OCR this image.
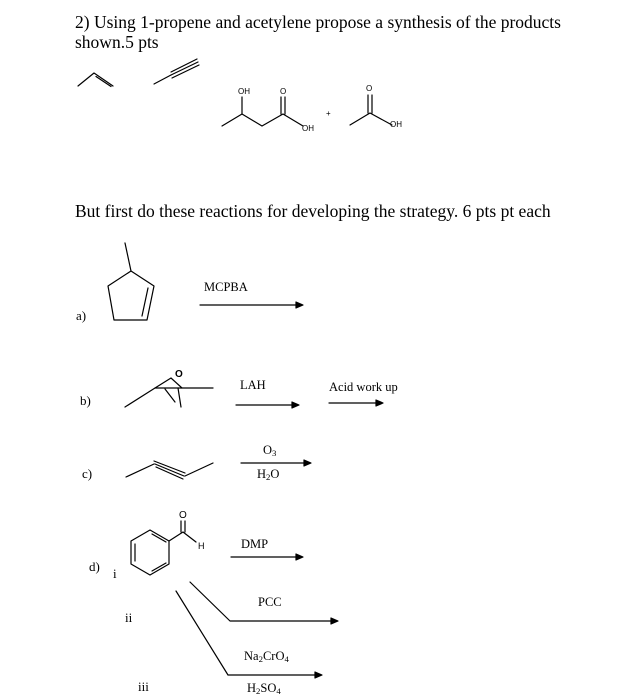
2) Using 1-propene and acetylene propose a synthesis of the products shown.5 pts
But first do these reactions for developing the strategy. 6 pts pt each
OH	O
OH
+
O
OH
a)
MCPBA
b)
O
LAH	Acid work up
c)
$O_3$
$H_2O$
d) i
ii
iii
O
H	DMP
PCC
$Na_2CrO_4$
$H_2SO_4$
